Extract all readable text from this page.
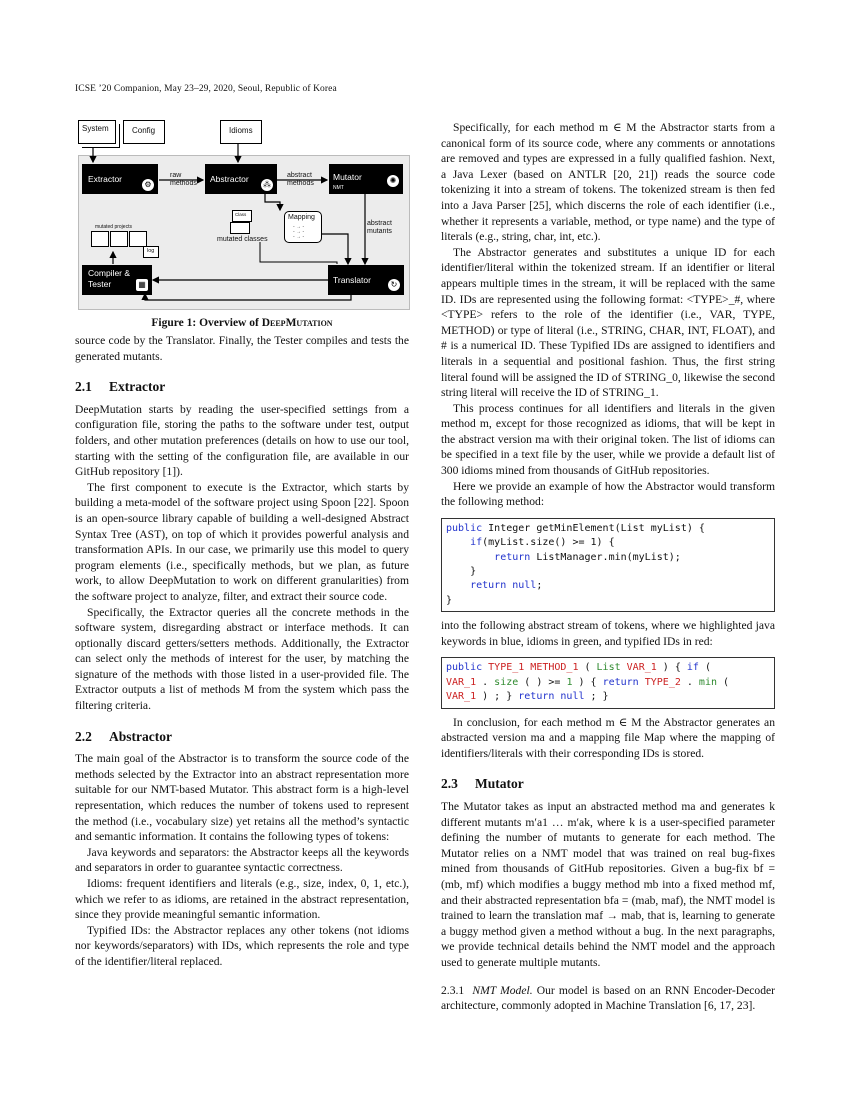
ICSE ’20 Companion, May 23–29, 2020, Seoul, Republic of Korea
System	Config	Idioms
Extractor
⚙
Abstractor
⁂
Mutator
NMT
✺
raw
methods
abstract
methods
Class
mutated classes
Mapping
- → -
- → -
- → -
abstract
mutants
mutated projects
log
Compiler &
Tester	▦	Translator	↻
Figure 1: Overview of DeepMutation

source code by the Translator. Finally, the Tester compiles and tests the generated mutants.

2.1 Extractor

DeepMutation starts by reading the user-specified settings from a configuration file, storing the paths to the software under test, output folders, and other mutation preferences (details on how to use our tool, starting with the setting of the configuration file, are available in our GitHub repository [1]).

The first component to execute is the Extractor, which starts by building a meta-model of the software project using Spoon [22]. Spoon is an open-source library capable of building a well-designed Abstract Syntax Tree (AST), on top of which it provides powerful analysis and transformation APIs. In our case, we primarily use this model to query program elements (i.e., specifically methods, but we plan, as future work, to allow DeepMutation to work on different granularities) from the software project to analyze, filter, and extract their source code.

Specifically, the Extractor queries all the concrete methods in the software system, disregarding abstract or interface methods. It can optionally discard getters/setters methods. Additionally, the Extractor can select only the methods of interest for the user, by matching the signature of the methods with those listed in a user-provided file. The Extractor outputs a list of methods M from the system which pass the filtering criteria.

2.2 Abstractor

The main goal of the Abstractor is to transform the source code of the methods selected by the Extractor into an abstract representation more suitable for our NMT-based Mutator. This abstract form is a high-level representation, which reduces the number of tokens used to represent the method (i.e., vocabulary size) yet retains all the method’s syntactic and semantic information. It contains the following types of tokens:

Java keywords and separators: the Abstractor keeps all the keywords and separators in order to guarantee syntactic correctness.

Idioms: frequent identifiers and literals (e.g., size, index, 0, 1, etc.), which we refer to as idioms, are retained in the abstract representation, since they provide meaningful semantic information.

Typified IDs: the Abstractor replaces any other tokens (not idioms nor keywords/separators) with IDs, which represents the role and type of the identifier/literal replaced.

Specifically, for each method m ∈ M the Abstractor starts from a canonical form of its source code, where any comments or annotations are removed and types are expressed in a fully qualified fashion. Next, a Java Lexer (based on ANTLR [20, 21]) reads the source code tokenizing it into a stream of tokens. The tokenized stream is then fed into a Java Parser [25], which discerns the role of each identifier (i.e., whether it represents a variable, method, or type name) and the type of literals (e.g., string, char, int, etc.).

The Abstractor generates and substitutes a unique ID for each identifier/literal within the tokenized stream. If an identifier or literal appears multiple times in the stream, it will be replaced with the same ID. IDs are represented using the following format: <TYPE>_#, where <TYPE> refers to the role of the identifier (i.e., VAR, TYPE, METHOD) or type of literal (i.e., STRING, CHAR, INT, FLOAT), and # is a numerical ID. These Typified IDs are assigned to identifiers and literals in a sequential and positional fashion. Thus, the first string literal found will be assigned the ID of STRING_0, likewise the second string literal will receive the ID of STRING_1.

This process continues for all identifiers and literals in the given method m, except for those recognized as idioms, that will be kept in the abstract version ma with their original token. The list of idioms can be specified in a text file by the user, while we provide a default list of 300 idioms mined from thousands of GitHub repositories.

Here we provide an example of how the Abstractor would transform the following method:

public Integer getMinElement(List myList) {
if(myList.size() >= 1) {
return ListManager.min(myList);
}
return null;
}

into the following abstract stream of tokens, where we highlighted java keywords in blue, idioms in green, and typified IDs in red:

public TYPE_1 METHOD_1 ( List VAR_1 ) { if (
VAR_1 . size ( ) >= 1 ) { return TYPE_2 . min (
VAR_1 ) ; } return null ; }

In conclusion, for each method m ∈ M the Abstractor generates an abstracted version ma and a mapping file Map where the mapping of identifiers/literals with their corresponding IDs is stored.

2.3 Mutator

The Mutator takes as input an abstracted method ma and generates k different mutants m′a1 … m′ak, where k is a user-specified parameter defining the number of mutants to generate for each method. The Mutator relies on a NMT model that was trained on real bug-fixes mined from thousands of GitHub repositories. Given a bug-fix bf = (mb, mf) which modifies a buggy method mb into a fixed method mf, and their abstracted representation bfa = (mab, maf), the NMT model is trained to learn the translation maf → mab, that is, learning to generate a buggy method given a method without a bug. In the next paragraphs, we provide technical details behind the NMT model and the approach used to generate multiple mutants.

2.3.1 NMT Model. Our model is based on an RNN Encoder-Decoder architecture, commonly adopted in Machine Translation [6, 17, 23].
